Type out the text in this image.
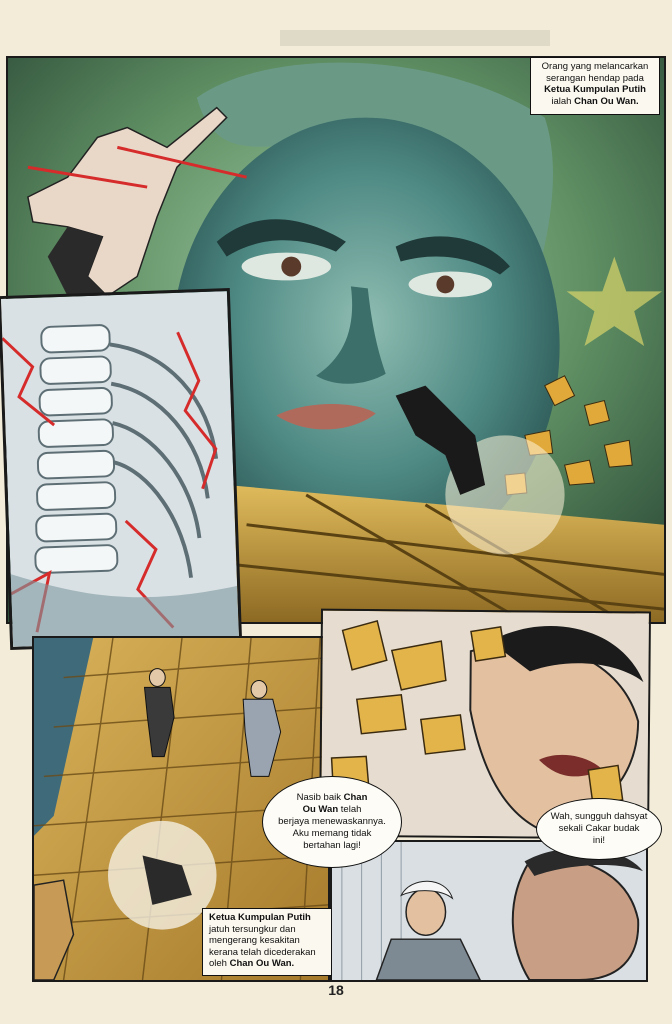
Orang yang melancarkan
serangan hendap pada
Ketua Kumpulan Putih
ialah Chan Ou Wan.
Nasib baik Chan
Ou Wan telah
berjaya menewaskannya.
Aku memang tidak
bertahan lagi!
Wah, sungguh dahsyat
sekali Cakar budak
ini!
Ketua Kumpulan Putih
jatuh tersungkur dan
mengerang kesakitan
kerana telah dicederakan
oleh Chan Ou Wan.
18
